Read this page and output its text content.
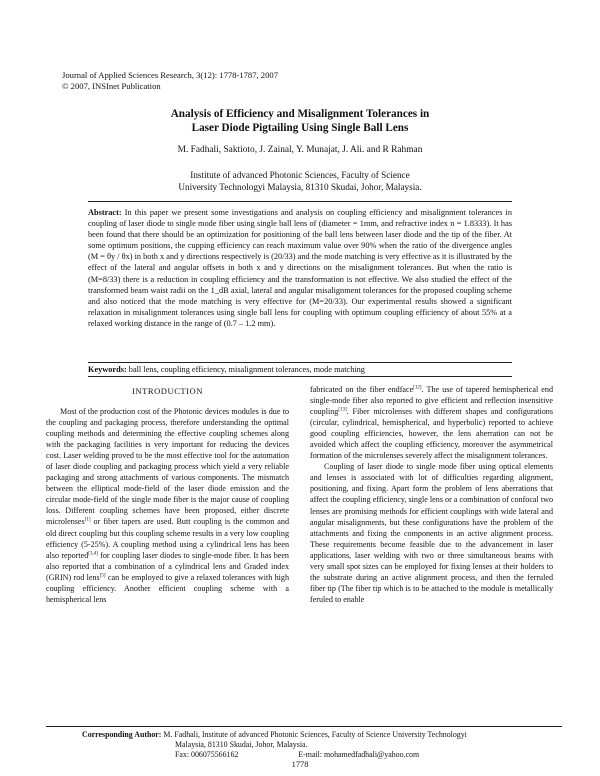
Journal of Applied Sciences Research, 3(12): 1778-1787, 2007
© 2007, INSInet Publication
Analysis of Efficiency and Misalignment Tolerances in
Laser Diode Pigtailing Using Single Ball Lens
M. Fadhali, Saktioto, J. Zainal, Y. Munajat, J. Ali. and R Rahman
Institute of advanced Photonic Sciences, Faculty of Science
University Technologyi Malaysia, 81310 Skudai, Johor, Malaysia.
Abstract: In this paper we present some investigations and analysis on coupling efficiency and misalignment tolerances in coupling of laser diode to single mode fiber using single ball lens of (diameter = 1mm, and refractive index n = 1.8333). It has been found that there should be an optimization for positioning of the ball lens between laser diode and the tip of the fiber. At some optimum positions, the cupping efficiency can reach maximum value over 90% when the ratio of the divergence angles (M = θy / θx) in both x and y directions respectively is (20/33) and the mode matching is very effective as it is illustrated by the effect of the lateral and angular offsets in both x and y directions on the misalignment tolerances. But when the ratio is (M=8/33) there is a reduction in coupling efficiency and the transformation is not effective. We also studied the effect of the transformed beam waist radii on the 1_dB axial, lateral and angular misalignment tolerances for the proposed coupling scheme and also noticed that the mode matching is very effective for (M=20/33). Our experimental results showed a significant relaxation in misalignment tolerances using single ball lens for coupling with optimum coupling efficiency of about 55% at a relaxed working distance in the range of (0.7 – 1.2 mm).
Keywords: ball lens, coupling efficiency, misalignment tolerances, mode matching
INTRODUCTION

Most of the production cost of the Photonic devices modules is due to the coupling and packaging process, therefore understanding the optimal coupling methods and determining the effective coupling schemes along with the packaging facilities is very important for reducing the devices cost. Laser welding proved to be the most effective tool for the automation of laser diode coupling and packaging process which yield a very reliable packaging and strong attachments of various components. The mismatch between the elliptical mode-field of the laser diode emission and the circular mode-field of the single mode fiber is the major cause of coupling loss. Different coupling schemes have been proposed, either discrete microlenses[1] or fiber tapers are used. Butt coupling is the common and old direct coupling but this coupling scheme results in a very low coupling efficiency (5-25%). A coupling method using a cylindrical lens has been also reported[3,4] for coupling laser diodes to single-mode fiber. It has been also reported that a combination of a cylindrical lens and Graded index (GRIN) rod lens[5] can be employed to give a relaxed tolerances with high coupling efficiency. Another efficient coupling scheme with a hemispherical lens

fabricated on the fiber endface[12]. The use of tapered hemispherical end single-mode fiber also reported to give efficient and reflection insensitive coupling[13]. Fiber microlenses with different shapes and configurations (circular, cylindrical, hemispherical, and hyperbolic) reported to achieve good coupling efficiencies, however, the lens aberration can not be avoided which affect the coupling efficiency, moreover the asymmetrical formation of the microlenses severely affect the misalignment tolerances.

Coupling of laser diode to single mode fiber using optical elements and lenses is associated with lot of difficulties regarding alignment, positioning, and fixing. Apart form the problem of lens aberrations that affect the coupling efficiency, single lens or a combination of confocal two lenses are promising methods for efficient couplings with wide lateral and angular misalignments, but these configurations have the problem of the attachments and fixing the components in an active alignment process. These requirements become feasible due to the advancement in laser applications, laser welding with two or three simultaneous beams with very small spot sizes can be employed for fixing lenses at their holders to the substrate during an active alignment process, and then the ferruled fiber tip (The fiber tip which is to be attached to the module is metallically feruled to enable

Corresponding Author: M. Fadhali, Institute of advanced Photonic Sciences, Faculty of Science University Technologyi
Malaysia, 81310 Skudai, Johor, Malaysia.
Fax: 006075566162	E-mail: mohamedfadhali@yahoo.com
1778
